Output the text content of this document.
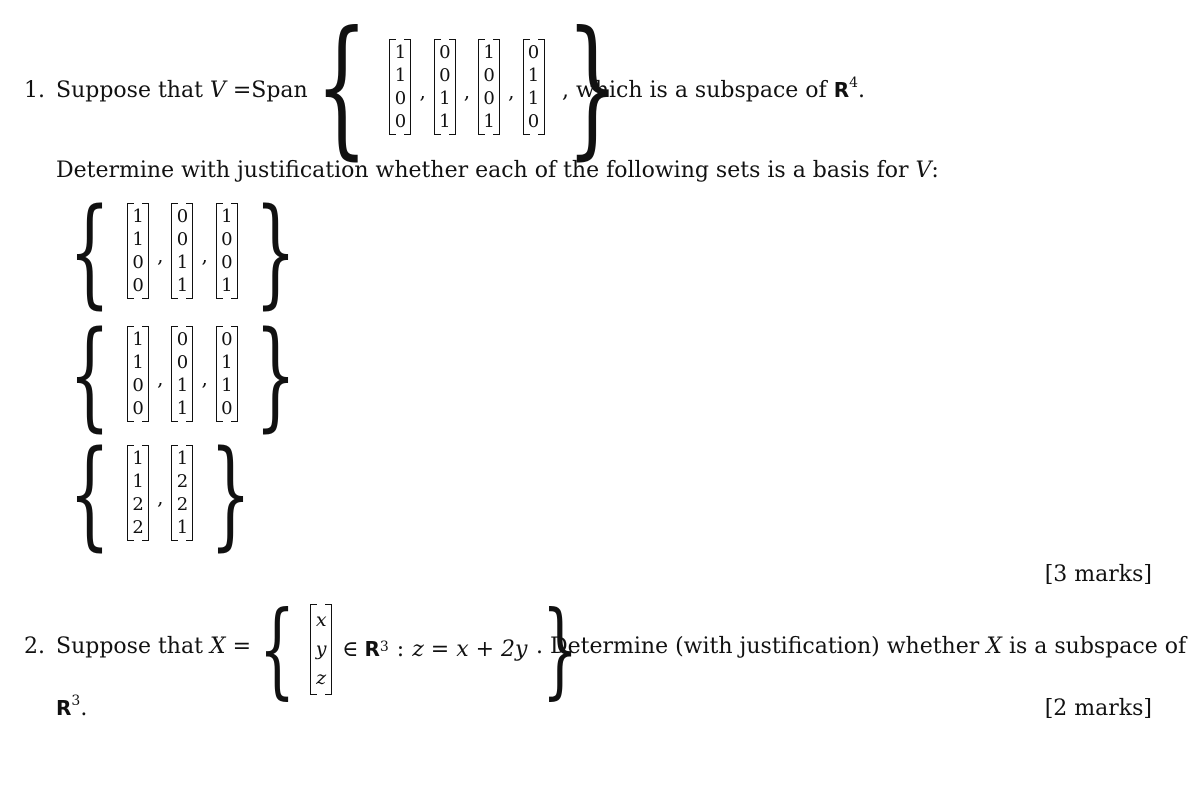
1. Suppose that V =Span { 1
1
0
0
,
0
0
1
1
,
1
0
0
1
,
0
1
1
0 }
, which is a subspace of $R^4$.
Determine with justification whether each of the following sets is a basis for V:
{ 1
1
0
0
,
0
0
1
1
,
1
0
0
1 }
{ 1
1
0
0
,
0
0
1
1
,
0
1
1
0 }
{ 1
1
2
2
,
1
2
2
1 }
[3 marks]
2. Suppose that X = { x
y
z
∈ $R^3$ : z = x + 2y }
. Determine (with justification) whether X is a subspace of
$R^3$.	[2 marks]
